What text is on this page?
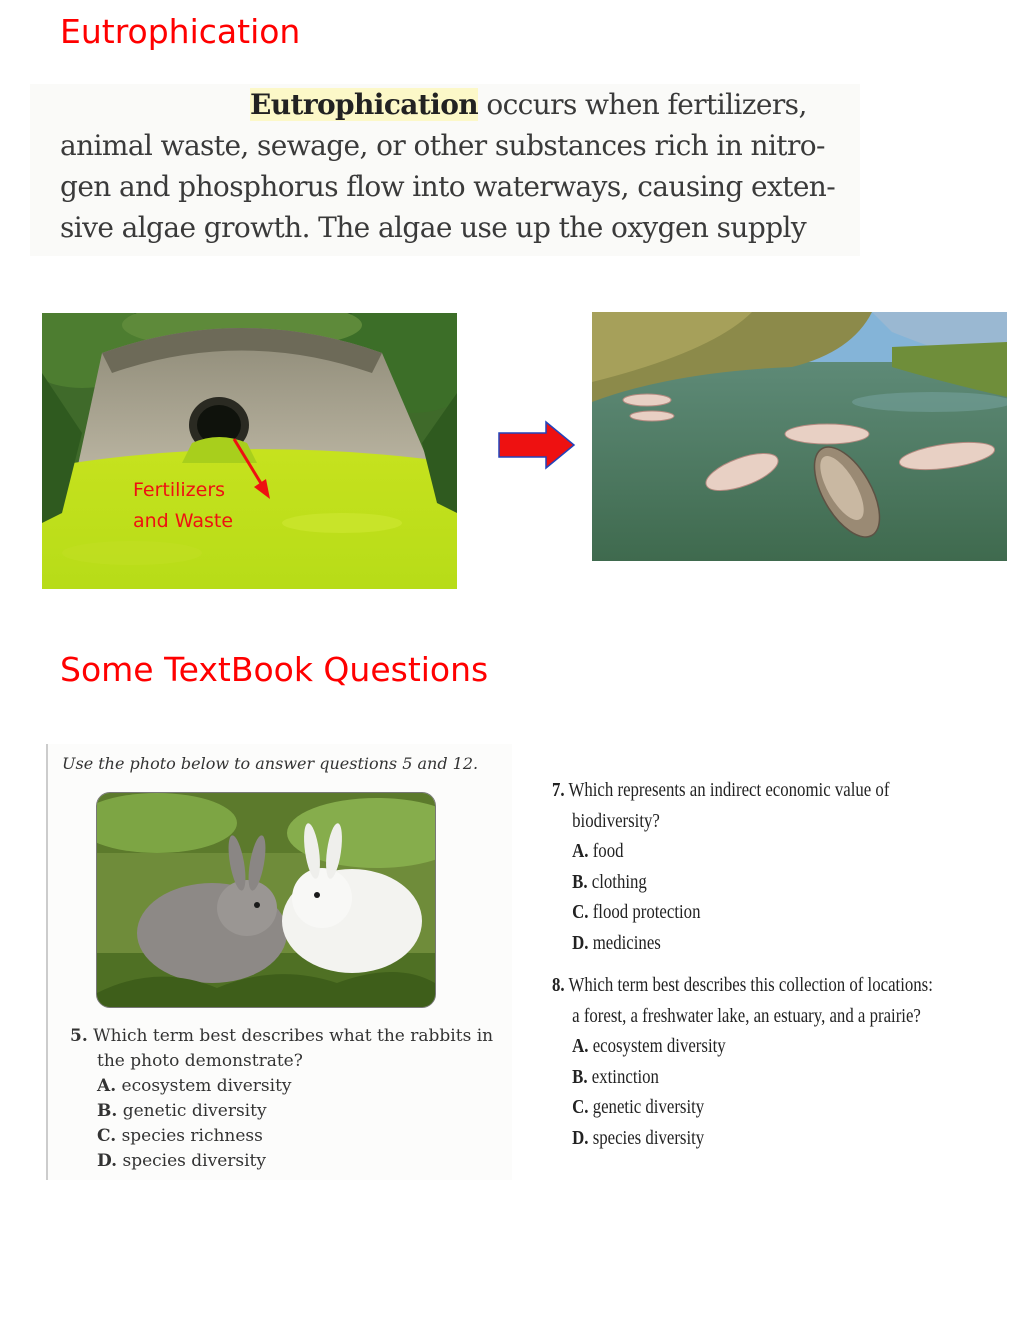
Eutrophication

Eutrophication occurs when fertilizers,

animal waste, sewage, or other substances rich in nitro-

gen and phosphorus flow into waterways, causing exten-

sive algae growth. The algae use up the oxygen supply

Fertilizers
and Waste
Some TextBook Questions
Use the photo below to answer questions 5 and 12.
5. Which term best describes what the rabbits in
the photo demonstrate?
A. ecosystem diversity
B. genetic diversity
C. species richness
D. species diversity
7. Which represents an indirect economic value of
biodiversity?
A. food
B. clothing
C. flood protection
D. medicines
8. Which term best describes this collection of locations:
a forest, a freshwater lake, an estuary, and a prairie?
A. ecosystem diversity
B. extinction
C. genetic diversity
D. species diversity
